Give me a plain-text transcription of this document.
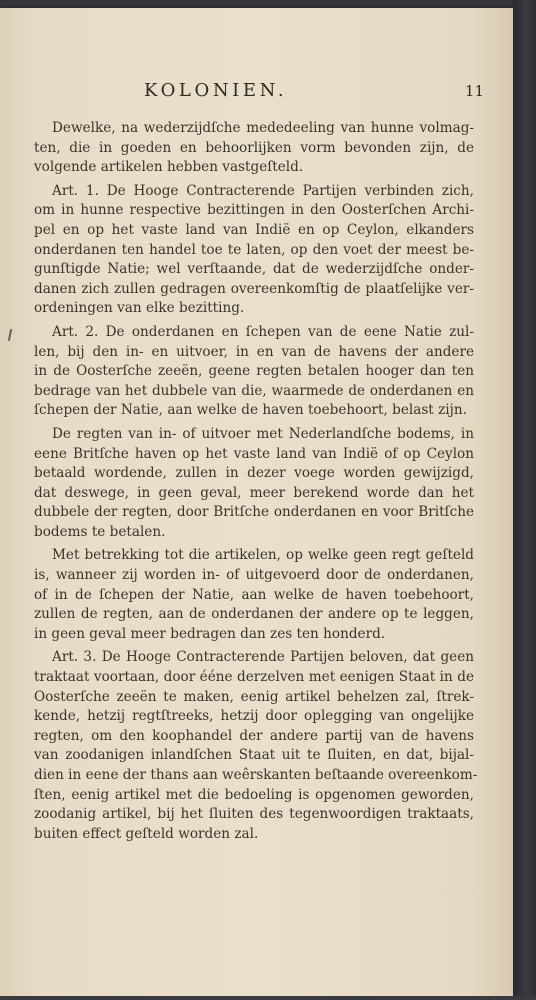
KOLONIEN.	11
Dewelke, na wederzijdſche mededeeling van hunne volmag-
ten, die in goeden en behoorlijken vorm bevonden zijn, de
volgende artikelen hebben vastgeſteld.
Art. 1. De Hooge Contracterende Partijen verbinden zich,
om in hunne respective bezittingen in den Oosterſchen Archi-
pel en op het vaste land van Indië en op Ceylon, elkanders
onderdanen ten handel toe te laten, op den voet der meest be-
gunſtigde Natie; wel verſtaande, dat de wederzijdſche onder-
danen zich zullen gedragen overeenkomſtig de plaatſelijke ver-
ordeningen van elke bezitting.
Art. 2. De onderdanen en ſchepen van de eene Natie zul-
len, bij den in- en uitvoer, in en van de havens der andere
in de Oosterſche zeeën, geene regten betalen hooger dan ten
bedrage van het dubbele van die, waarmede de onderdanen en
ſchepen der Natie, aan welke de haven toebehoort, belast zijn.
De regten van in- of uitvoer met Nederlandſche bodems, in
eene Britſche haven op het vaste land van Indië of op Ceylon
betaald wordende, zullen in dezer voege worden gewijzigd,
dat deswege, in geen geval, meer berekend worde dan het
dubbele der regten, door Britſche onderdanen en voor Britſche
bodems te betalen.
Met betrekking tot die artikelen, op welke geen regt geſteld
is, wanneer zij worden in- of uitgevoerd door de onderdanen,
of in de ſchepen der Natie, aan welke de haven toebehoort,
zullen de regten, aan de onderdanen der andere op te leggen,
in geen geval meer bedragen dan zes ten honderd.
Art. 3. De Hooge Contracterende Partijen beloven, dat geen
traktaat voortaan, door ééne derzelven met eenigen Staat in de
Oosterſche zeeën te maken, eenig artikel behelzen zal, ſtrek-
kende, hetzij regtſtreeks, hetzij door oplegging van ongelijke
regten, om den koophandel der andere partij van de havens
van zoodanigen inlandſchen Staat uit te ſluiten, en dat, bijal-
dien in eene der thans aan weêrskanten beſtaande overeenkom-
ſten, eenig artikel met die bedoeling is opgenomen geworden,
zoodanig artikel, bij het ſluiten des tegenwoordigen traktaats,
buiten effect geſteld worden zal.
